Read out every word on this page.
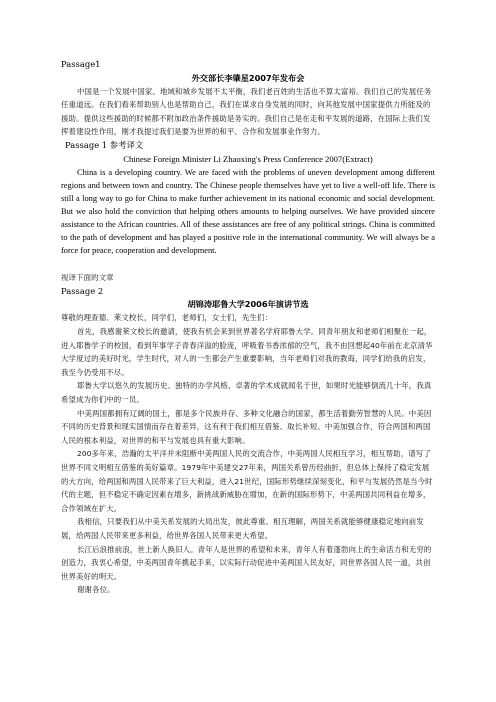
Passage1

外交部长李肇星2007年发布会

中国是一个发展中国家。地域和城乡发展不太平衡，我们老百姓的生活也不算太富裕。我们自己的发展任务任重道远。在我们看来帮助别人也是帮助自己，我们在谋求自身发展的同时，向其他发展中国家提供力所能及的援助。提供这些援助的时候都不附加政治条件援助是务实的。我们自己是在走和平发展的道路，在国际上我们发挥着建设性作用，刚才我提过我们是要为世界的和平、合作和发展事业作努力。

Passage 1 参考译文

Chinese Foreign Minister Li Zhaoxing's Press Conference 2007(Extract)

China is a developing country. We are faced with the problems of uneven development among different regions and between town and country. The Chinese people themselves have yet to live a well-off life. There is still a long way to go for China to make further achievement in its national economic and social development. But we also hold the conviction that helping others amounts to helping ourselves. We have provided sincere assistance to the African countries. All of these assistances are free of any political strings. China is committed to the path of development and has played a positive role in the international community. We will always be a force for peace, cooperation and development.

视译下面的文章

Passage 2

胡锦涛耶鲁大学2006年演讲节选

尊敬的理查德．莱文校长，同学们，老师们，女士们，先生们：

首先，我感谢莱文校长的邀请，使我有机会来到世界著名学府耶鲁大学。同青年朋友和老师们相聚在一起，进入耶鲁学子的校园，看到年事学子青春洋溢的脸庞，呼吸着书香浓郁的空气，我不由回想起40年前在北京清华大学度过的美好时光，学生时代，对人的一生都会产生重要影响，当年老师们对我的教诲，同学们给我的启发，我至今仍受用不尽。

耶鲁大学以悠久的发展历史、独特的办学风格、卓著的学术成就闻名于世，如果时光能够倒流几十年，我真希望成为你们中的一员。

中美两国都拥有辽阔的国土，都是多个民族并存、多种文化融合的国家，都生活着勤劳智慧的人民。中美因不同的历史背景和现实国情而存在着差异，这有利于我们相互借鉴、取长补短。中美加强合作，符合两国和两国人民的根本利益，对世界的和平与发展也具有重大影响。

200多年来，浩瀚的太平洋并未阻断中美两国人民的交流合作，中美两国人民相互学习，相互帮助，谱写了世界不同文明相互借鉴的美好篇章。1979年中美建交27年来，两国关系曾历经曲折，但总体上保持了稳定发展的大方向，给两国和两国人民带来了巨大利益，进入21世纪，国际形势继续深刻变化，和平与发展仍然是当今时代的主题，但不稳定不确定因素在增多，新挑战新威胁在增加，在新的国际形势下，中美两国共同利益在增多，合作领域在扩大。

我相信，只要我们从中美关系发展的大局出发，彼此尊重、相互理解，两国关系就能够健康稳定地向前发展，给两国人民带来更多利益，给世界各国人民带来更大希望。

长江后浪推前浪，世上新人换旧人。青年人是世界的希望和未来，青年人有着蓬勃向上的生命活力和无穷的创造力，我衷心希望，中美两国青年携起手来，以实际行动促进中美两国人民友好，同世界各国人民一道，共创世界美好的明天。

谢谢各位。
